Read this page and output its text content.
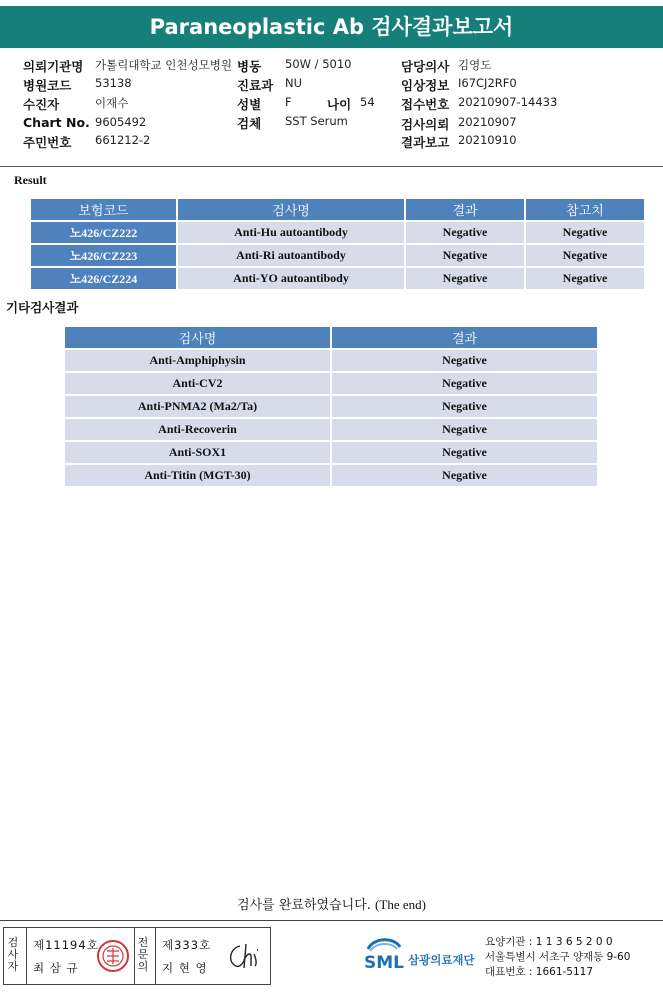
Paraneoplastic Ab 검사결과보고서
의뢰기관명 가톨릭대학교 인천성모병원 병동 50W / 5010	담당의사 김영도
병원코드 53138	진료과 NU	임상정보 I67CJ2RF0
수진자	이재수	성별 F	나이 54 접수번호 20210907-14433
Chart No. 9605492	검체 SST Serum	검사의뢰 20210907
주민번호 661212-2	결과보고 20210910
Result
보험코드	검사명	결과	참고치
노426/CZ222	Anti-Hu autoantibody	Negative	Negative
노426/CZ223	Anti-Ri autoantibody	Negative	Negative
노426/CZ224	Anti-YO autoantibody	Negative	Negative
기타검사결과
검사명	결과
Anti-Amphiphysin	Negative
Anti-CV2	Negative
Anti-PNMA2 (Ma2/Ta)	Negative
Anti-Recoverin	Negative
Anti-SOX1	Negative
Anti-Titin (MGT-30)	Negative
검사를 완료하였습니다. (The end)
검
사
자
제11194호
최 삼 규
전
문
의
제333호
지 현 영	SML 삼광의료재단
요양기관 : 1 1 3 6 5 2 0 0
서울특별시 서초구 양재동 9-60
대표번호 : 1661-5117
